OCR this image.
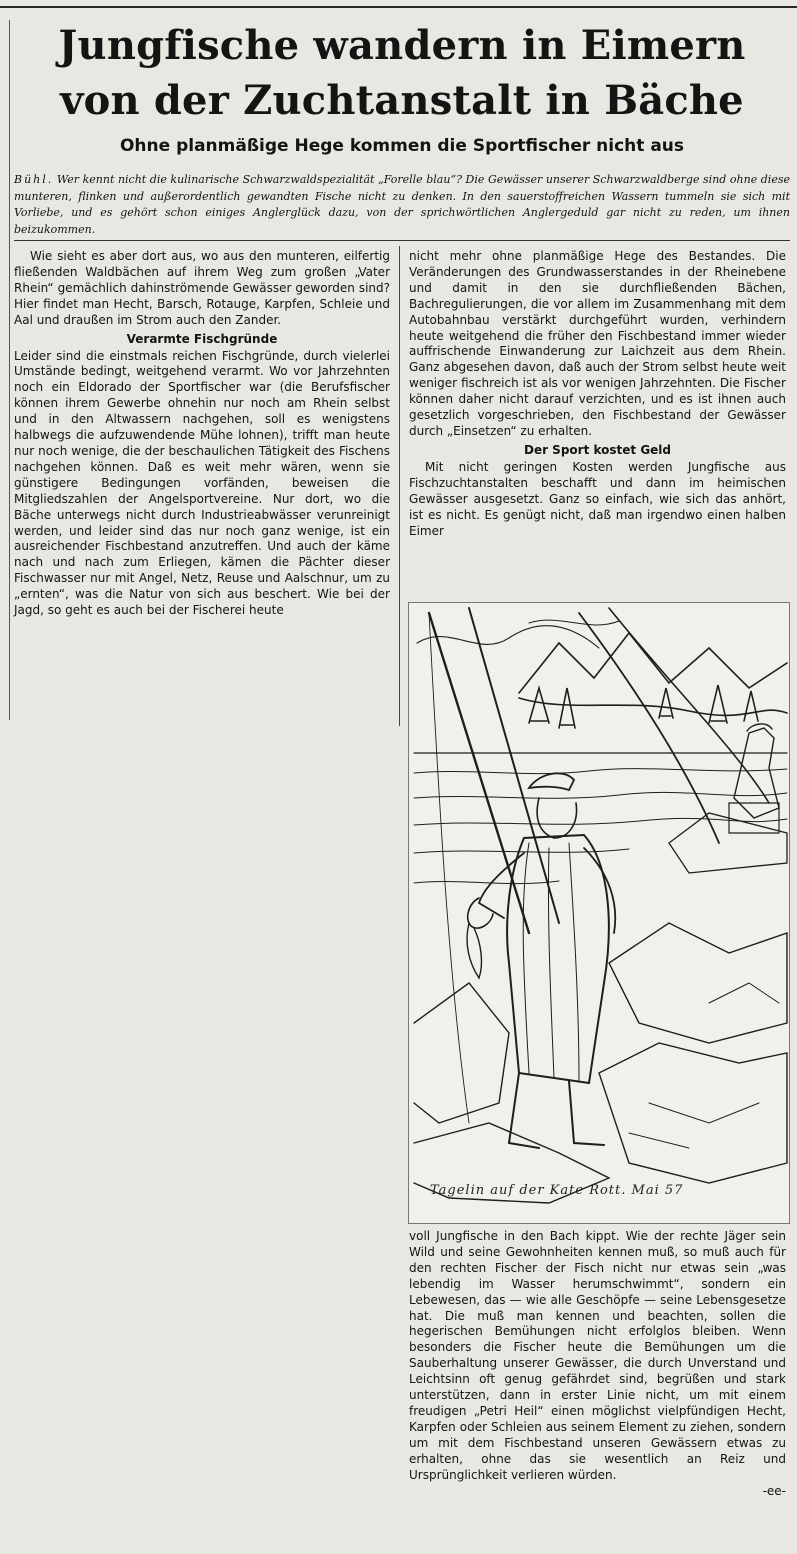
Jungfische wandern in Eimern
von der Zuchtanstalt in Bäche
Ohne planmäßige Hege kommen die Sportfischer nicht aus

Bühl. Wer kennt nicht die kulinarische Schwarzwaldspezialität „Forelle blau“? Die Gewässer unserer Schwarzwaldberge sind ohne diese munteren, flinken und außerordentlich gewandten Fische nicht zu denken. In den sauerstoffreichen Wassern tummeln sie sich mit Vorliebe, und es gehört schon einiges Anglerglück dazu, von der sprichwörtlichen Anglergeduld gar nicht zu reden, um ihnen beizukommen.

Wie sieht es aber dort aus, wo aus den munteren, eilfertig fließenden Waldbächen auf ihrem Weg zum großen „Vater Rhein“ gemächlich dahinströmende Gewässer geworden sind? Hier findet man Hecht, Barsch, Rotauge, Karpfen, Schleie und Aal und draußen im Strom auch den Zander.

Verarmte Fischgründe

Leider sind die einstmals reichen Fischgründe, durch vielerlei Umstände bedingt, weitgehend verarmt. Wo vor Jahrzehnten noch ein Eldorado der Sportfischer war (die Berufsfischer können ihrem Gewerbe ohnehin nur noch am Rhein selbst und in den Altwassern nachgehen, soll es wenigstens halbwegs die aufzuwendende Mühe lohnen), trifft man heute nur noch wenige, die der beschaulichen Tätigkeit des Fischens nachgehen können. Daß es weit mehr wären, wenn sie günstigere Bedingungen vorfänden, beweisen die Mitgliedszahlen der Angelsportvereine. Nur dort, wo die Bäche unterwegs nicht durch Industrieabwässer verunreinigt werden, und leider sind das nur noch ganz wenige, ist ein ausreichender Fischbestand anzutreffen. Und auch der käme nach und nach zum Erliegen, kämen die Pächter dieser Fischwasser nur mit Angel, Netz, Reuse und Aalschnur, um zu „ernten“, was die Natur von sich aus beschert. Wie bei der Jagd, so geht es auch bei der Fischerei heute

nicht mehr ohne planmäßige Hege des Bestandes. Die Veränderungen des Grundwasserstandes in der Rheinebene und damit in den sie durchfließenden Bächen, Bachregulierungen, die vor allem im Zusammenhang mit dem Autobahnbau verstärkt durchgeführt wurden, verhindern heute weitgehend die früher den Fischbestand immer wieder auffrischende Einwanderung zur Laichzeit aus dem Rhein. Ganz abgesehen davon, daß auch der Strom selbst heute weit weniger fischreich ist als vor wenigen Jahrzehnten. Die Fischer können daher nicht darauf verzichten, und es ist ihnen auch gesetzlich vorgeschrieben, den Fischbestand der Gewässer durch „Einsetzen“ zu erhalten.

Der Sport kostet Geld

Mit nicht geringen Kosten werden Jungfische aus Fischzuchtanstalten beschafft und dann im heimischen Gewässer ausgesetzt. Ganz so einfach, wie sich das anhört, ist es nicht. Es genügt nicht, daß man irgendwo einen halben Eimer

Tagelin auf der Kate Rott. Mai 57

voll Jungfische in den Bach kippt. Wie der rechte Jäger sein Wild und seine Gewohnheiten kennen muß, so muß auch für den rechten Fischer der Fisch nicht nur etwas sein „was lebendig im Wasser herumschwimmt“, sondern ein Lebewesen, das — wie alle Geschöpfe — seine Lebensgesetze hat. Die muß man kennen und beachten, sollen die hegerischen Bemühungen nicht erfolglos bleiben. Wenn besonders die Fischer heute die Bemühungen um die Sauberhaltung unserer Gewässer, die durch Unverstand und Leichtsinn oft genug gefährdet sind, begrüßen und stark unterstützen, dann in erster Linie nicht, um mit einem freudigen „Petri Heil“ einen möglichst vielpfündigen Hecht, Karpfen oder Schleien aus seinem Element zu ziehen, sondern um mit dem Fischbestand unseren Gewässern etwas zu erhalten, ohne das sie wesentlich an Reiz und Ursprünglichkeit verlieren würden.

-ee-
